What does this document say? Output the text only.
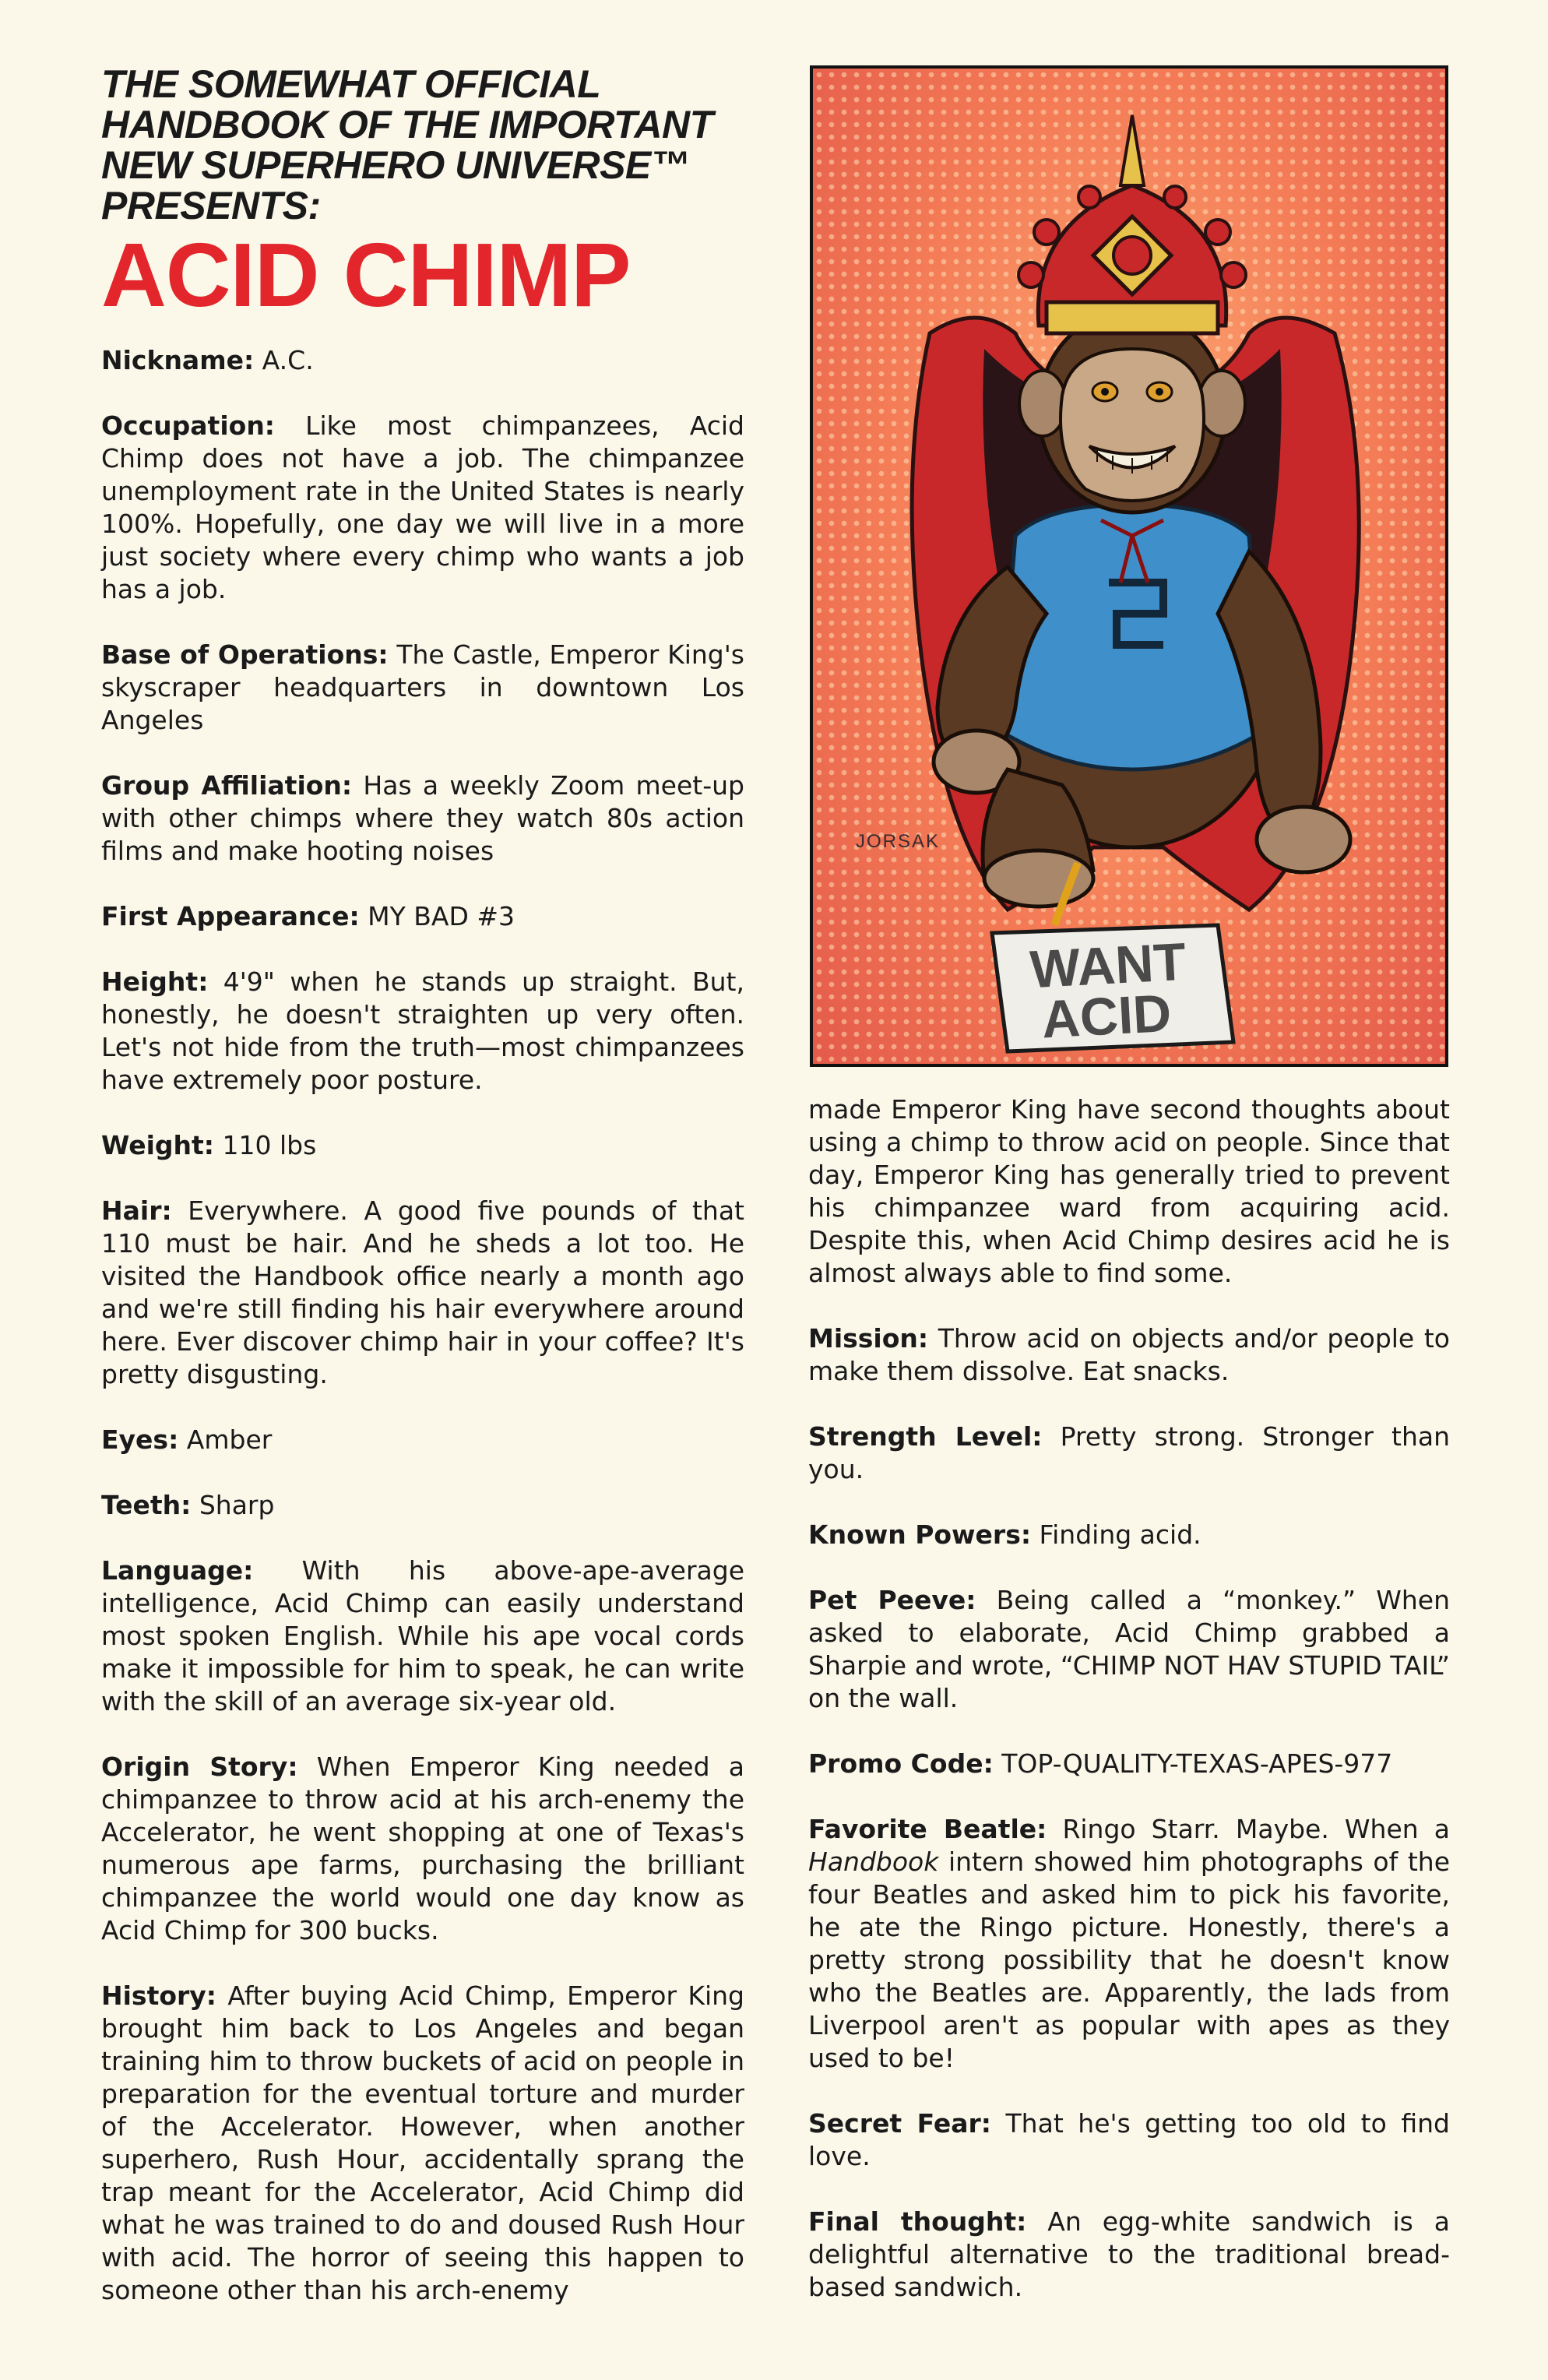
THE SOMEWHAT OFFICIAL
HANDBOOK OF THE IMPORTANT
NEW SUPERHERO UNIVERSE™
PRESENTS:
ACID CHIMP

Nickname: A.C.

Occupation: Like most chimpanzees, Acid Chimp does not have a job. The chimpanzee unemployment rate in the United States is nearly 100%. Hopefully, one day we will live in a more just society where every chimp who wants a job has a job.

Base of Operations: The Castle, Emperor King's skyscraper headquarters in downtown Los Angeles

Group Affiliation: Has a weekly Zoom meet-up with other chimps where they watch 80s action films and make hooting noises

First Appearance: MY BAD #3

Height: 4'9" when he stands up straight. But, honestly, he doesn't straighten up very often. Let's not hide from the truth—most chimpanzees have extremely poor posture.

Weight: 110 lbs

Hair: Everywhere. A good five pounds of that 110 must be hair. And he sheds a lot too. He visited the Handbook office nearly a month ago and we're still finding his hair everywhere around here. Ever discover chimp hair in your coffee? It's pretty disgusting.

Eyes: Amber

Teeth: Sharp

Language: With his above-ape-average intelligence, Acid Chimp can easily understand most spoken English. While his ape vocal cords make it impossible for him to speak, he can write with the skill of an average six-year old.

Origin Story: When Emperor King needed a chimpanzee to throw acid at his arch-enemy the Accelerator, he went shopping at one of Texas's numerous ape farms, purchasing the brilliant chimpanzee the world would one day know as Acid Chimp for 300 bucks.

History: After buying Acid Chimp, Emperor King brought him back to Los Angeles and began training him to throw buckets of acid on people in preparation for the eventual torture and murder of the Accelerator. However, when another superhero, Rush Hour, accidentally sprang the trap meant for the Accelerator, Acid Chimp did what he was trained to do and doused Rush Hour with acid. The horror of seeing this happen to someone other than his arch-enemy

WANT
ACID
JORSAK

made Emperor King have second thoughts about using a chimp to throw acid on people. Since that day, Emperor King has generally tried to prevent his chimpanzee ward from acquiring acid. Despite this, when Acid Chimp desires acid he is almost always able to find some.

Mission: Throw acid on objects and/or people to make them dissolve. Eat snacks.

Strength Level: Pretty strong. Stronger than you.

Known Powers: Finding acid.

Pet Peeve: Being called a “monkey.” When asked to elaborate, Acid Chimp grabbed a Sharpie and wrote, “CHIMP NOT HAV STUPID TAIL” on the wall.

Promo Code: TOP-QUALITY-TEXAS-APES-977

Favorite Beatle: Ringo Starr. Maybe. When a Handbook intern showed him photographs of the four Beatles and asked him to pick his favorite, he ate the Ringo picture. Honestly, there's a pretty strong possibility that he doesn't know who the Beatles are. Apparently, the lads from Liverpool aren't as popular with apes as they used to be!

Secret Fear: That he's getting too old to find love.

Final thought: An egg-white sandwich is a delightful alternative to the traditional bread-based sandwich.
